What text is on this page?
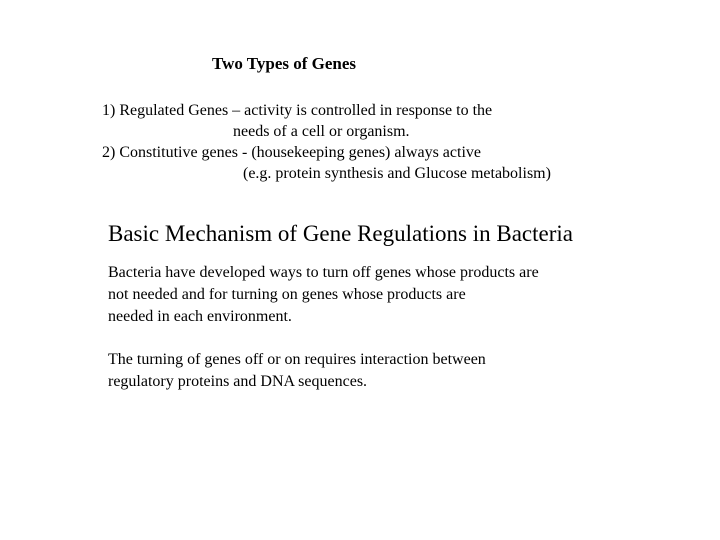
Two Types of Genes
1) Regulated Genes – activity is controlled in response to the
needs of a cell or organism.
2) Constitutive genes - (housekeeping genes) always active
(e.g. protein synthesis and Glucose metabolism)
Basic Mechanism of Gene Regulations in Bacteria
Bacteria have developed ways to turn off genes whose products are
not needed and for turning on genes whose products are
needed in each environment.
The turning of genes off or on requires interaction between
regulatory proteins and DNA sequences.
